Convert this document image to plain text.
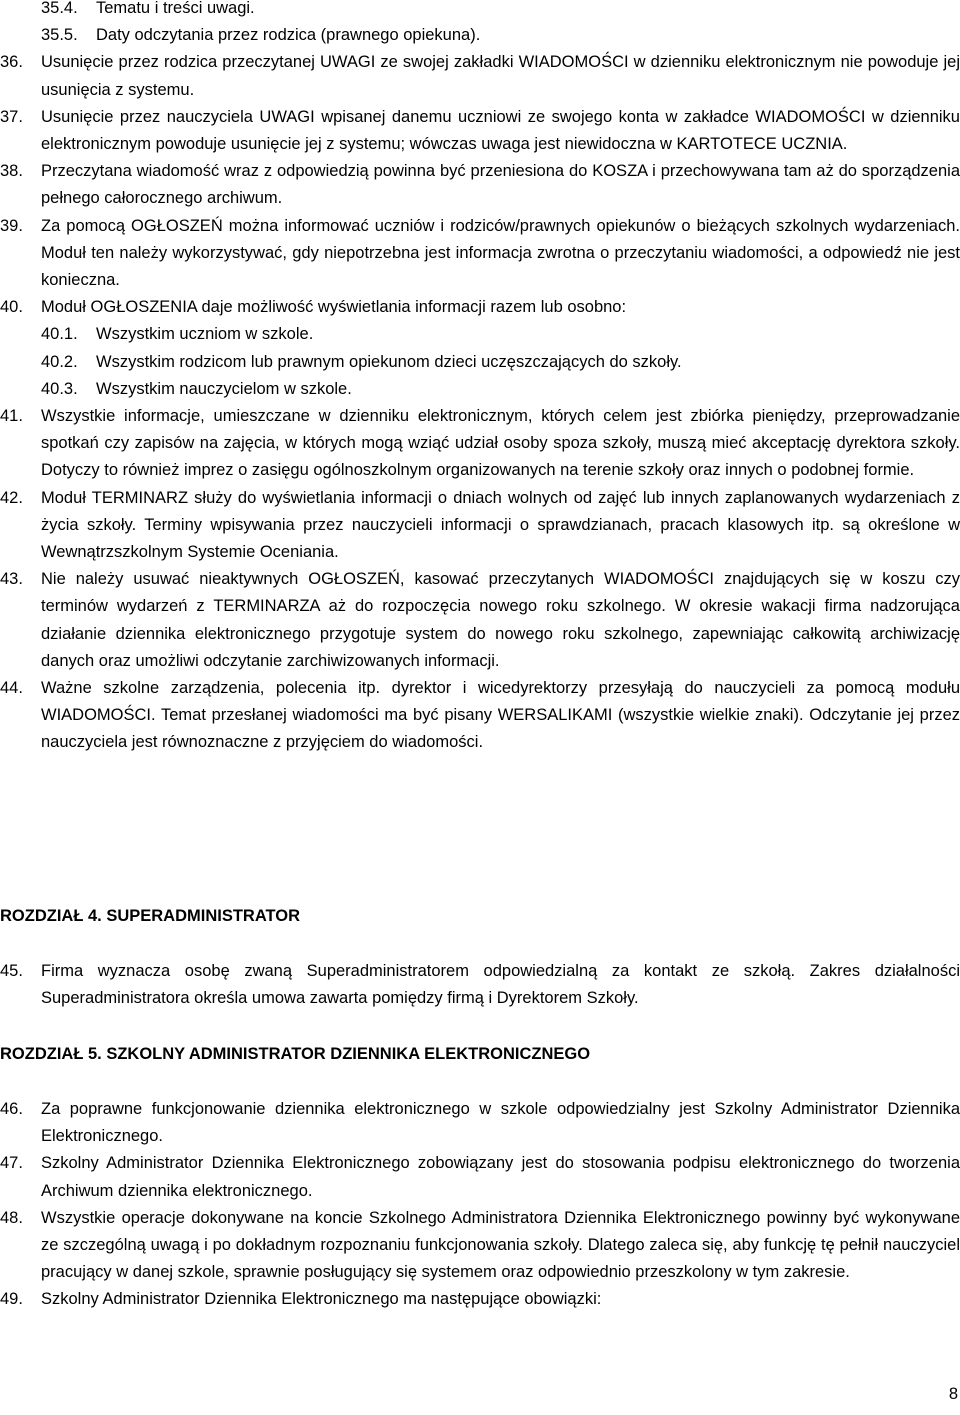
35.4. Tematu i treści uwagi.
35.5. Daty odczytania przez rodzica (prawnego opiekuna).
36. Usunięcie przez rodzica przeczytanej UWAGI ze swojej zakładki WIADOMOŚCI w dzienniku elektronicznym nie powoduje jej usunięcia z systemu.
37. Usunięcie przez nauczyciela UWAGI wpisanej danemu uczniowi ze swojego konta w zakładce WIADOMOŚCI w dzienniku elektronicznym powoduje usunięcie jej z systemu; wówczas uwaga jest niewidoczna w KARTOTECE UCZNIA.
38. Przeczytana wiadomość wraz z odpowiedzią powinna być przeniesiona do KOSZA i przechowywana tam aż do sporządzenia pełnego całorocznego archiwum.
39. Za pomocą OGŁOSZEŃ można informować uczniów i rodziców/prawnych opiekunów o bieżących szkolnych wydarzeniach. Moduł ten należy wykorzystywać, gdy niepotrzebna jest informacja zwrotna o przeczytaniu wiadomości, a odpowiedź nie jest konieczna.
40. Moduł OGŁOSZENIA daje możliwość wyświetlania informacji razem lub osobno:
40.1. Wszystkim uczniom w szkole.
40.2. Wszystkim rodzicom lub prawnym opiekunom dzieci uczęszczających do szkoły.
40.3. Wszystkim nauczycielom w szkole.
41. Wszystkie informacje, umieszczane w dzienniku elektronicznym, których celem jest zbiórka pieniędzy, przeprowadzanie spotkań czy zapisów na zajęcia, w których mogą wziąć udział osoby spoza szkoły, muszą mieć akceptację dyrektora szkoły. Dotyczy to również imprez o zasięgu ogólnoszkolnym organizowanych na terenie szkoły oraz innych o podobnej formie.
42. Moduł TERMINARZ służy do wyświetlania informacji o dniach wolnych od zajęć lub innych zaplanowanych wydarzeniach z życia szkoły. Terminy wpisywania przez nauczycieli informacji o sprawdzianach, pracach klasowych itp. są określone w Wewnątrzszkolnym Systemie Oceniania.
43. Nie należy usuwać nieaktywnych OGŁOSZEŃ, kasować przeczytanych WIADOMOŚCI znajdujących się w koszu czy terminów wydarzeń z TERMINARZA aż do rozpoczęcia nowego roku szkolnego. W okresie wakacji firma nadzorująca działanie dziennika elektronicznego przygotuje system do nowego roku szkolnego, zapewniając całkowitą archiwizację danych oraz umożliwi odczytanie zarchiwizowanych informacji.
44. Ważne szkolne zarządzenia, polecenia itp. dyrektor i wicedyrektorzy przesyłają do nauczycieli za pomocą modułu WIADOMOŚCI. Temat przesłanej wiadomości ma być pisany WERSALIKAMI (wszystkie wielkie znaki). Odczytanie jej przez nauczyciela jest równoznaczne z przyjęciem do wiadomości.
ROZDZIAŁ 4. SUPERADMINISTRATOR
45. Firma wyznacza osobę zwaną Superadministratorem odpowiedzialną za kontakt ze szkołą. Zakres działalności Superadministratora określa umowa zawarta pomiędzy firmą i Dyrektorem Szkoły.
ROZDZIAŁ 5. SZKOLNY ADMINISTRATOR DZIENNIKA ELEKTRONICZNEGO
46. Za poprawne funkcjonowanie dziennika elektronicznego w szkole odpowiedzialny jest Szkolny Administrator Dziennika Elektronicznego.
47. Szkolny Administrator Dziennika Elektronicznego zobowiązany jest do stosowania podpisu elektronicznego do tworzenia Archiwum dziennika elektronicznego.
48. Wszystkie operacje dokonywane na koncie Szkolnego Administratora Dziennika Elektronicznego powinny być wykonywane ze szczególną uwagą i po dokładnym rozpoznaniu funkcjonowania szkoły. Dlatego zaleca się, aby funkcję tę pełnił nauczyciel pracujący w danej szkole, sprawnie posługujący się systemem oraz odpowiednio przeszkolony w tym zakresie.
49. Szkolny Administrator Dziennika Elektronicznego ma następujące obowiązki:
8
